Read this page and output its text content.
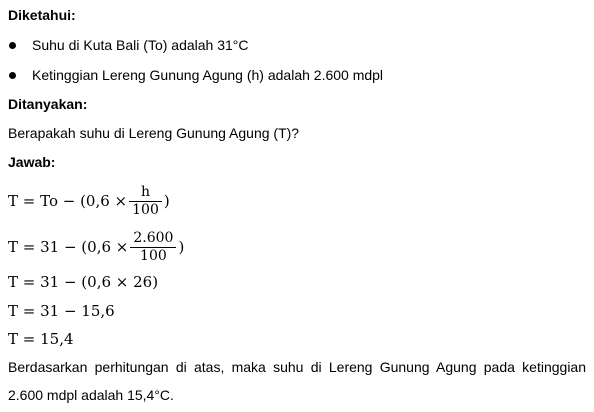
Diketahui:
Suhu di Kuta Bali (To) adalah 31°C
Ketinggian Lereng Gunung Agung (h) adalah 2.600 mdpl
Ditanyakan:
Berapakah suhu di Lereng Gunung Agung (T)?
Jawab:
$T = To - (0,6 \times \frac{h}{100}$ )
$T = 31 - (0,6 \times \frac{2.600}{100}$ )
T = 31 − (0,6 × 26)
T = 31 − 15,6
T = 15,4
Berdasarkan perhitungan di atas, maka suhu di Lereng Gunung Agung pada ketinggian 2.600 mdpl adalah 15,4°C.
